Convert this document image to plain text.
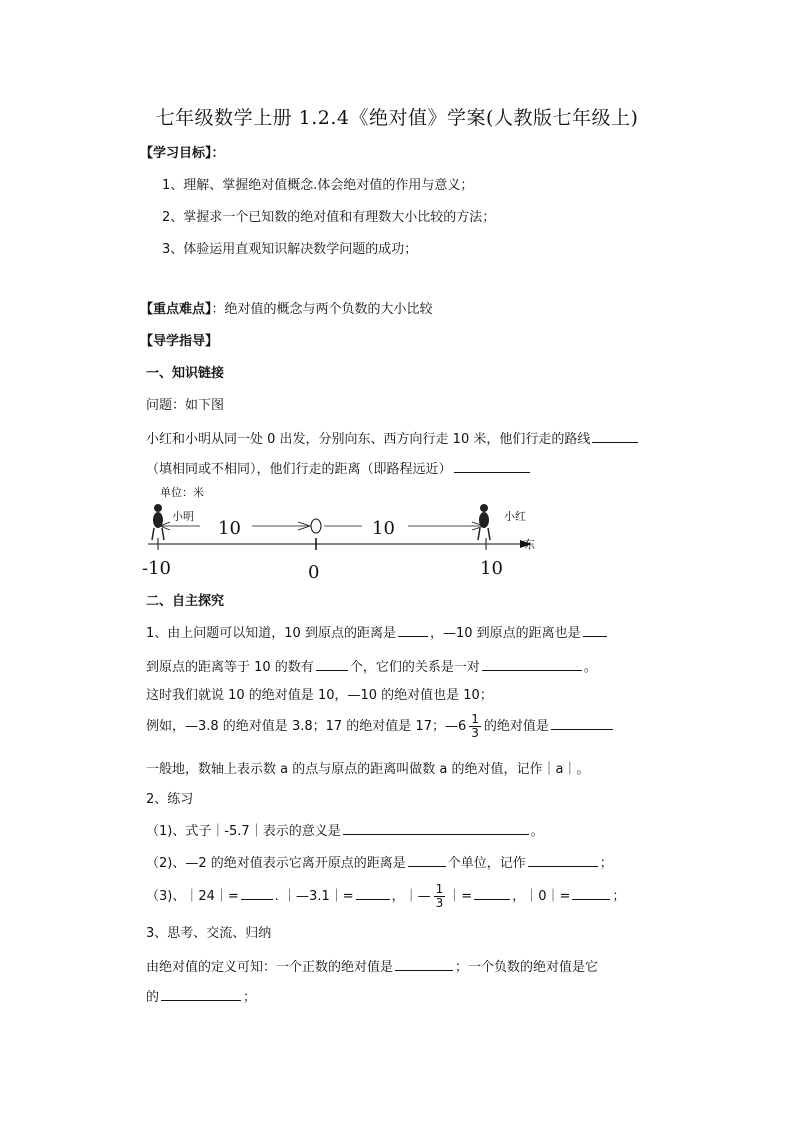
七年级数学上册 1.2.4《绝对值》学案(人教版七年级上)
【学习目标】：
1、理解、掌握绝对值概念.体会绝对值的作用与意义；
2、掌握求一个已知数的绝对值和有理数大小比较的方法；
3、体验运用直观知识解决数学问题的成功；
【重点难点】：绝对值的概念与两个负数的大小比较
【导学指导】
一、知识链接
问题：如下图
小红和小明从同一处 0 出发，分别向东、西方向行走 10 米，他们行走的路线
（填相同或不相同），他们行走的距离（即路程远近）
单位：米
小明	小红
10	10
东
-10	0	10
二、自主探究
1、由上问题可以知道，10 到原点的距离是	，—10 到原点的距离也是
到原点的距离等于 10 的数有	个，它们的关系是一对	。
这时我们就说 10 的绝对值是 10，—10 的绝对值也是 10；
例如，—3.8 的绝对值是 3.8；17 的绝对值是 17；—6 $\frac{1}{3}$ 的绝对值是
一般地，数轴上表示数 a 的点与原点的距离叫做数 a 的绝对值，记作｜a｜。
2、练习
（1)、式子｜-5.7｜表示的意义是	。
（2)、—2 的绝对值表示它离开原点的距离是	个单位，记作	；
（3)、｜24｜=	. ｜—3.1｜=	，｜— $\frac{1}{3}$ ｜=	，｜0｜=	；
3、思考、交流、归纳
由绝对值的定义可知：一个正数的绝对值是	；一个负数的绝对值是它
的	；
